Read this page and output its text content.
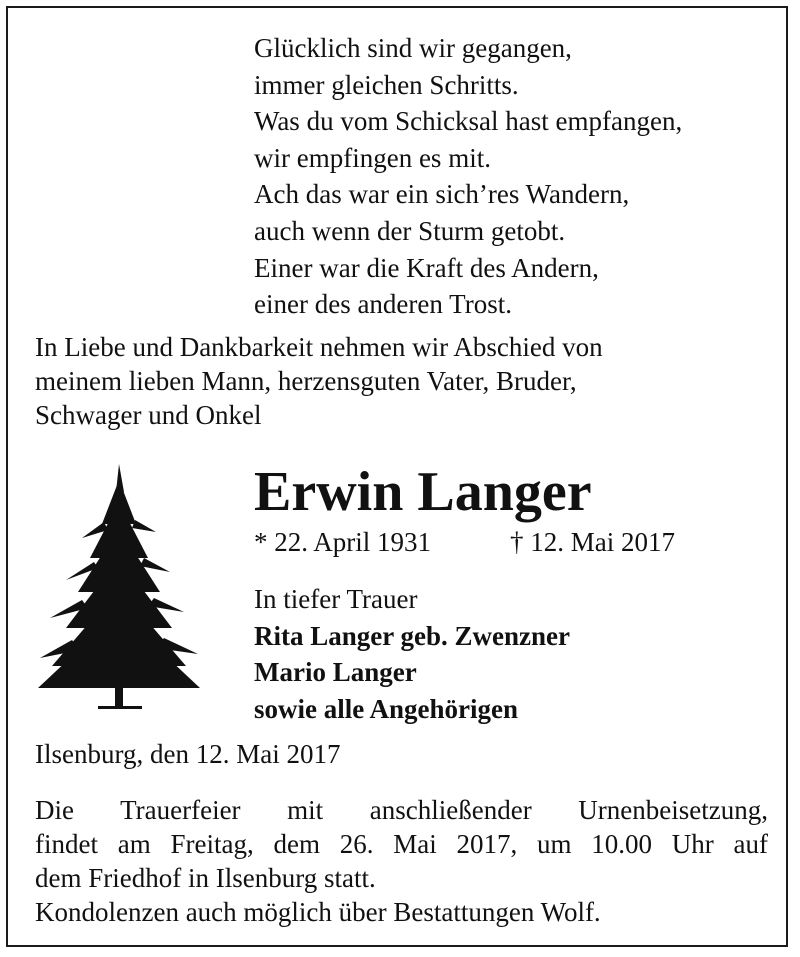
Glücklich sind wir gegangen,
immer gleichen Schritts.
Was du vom Schicksal hast empfangen,
wir empfingen es mit.
Ach das war ein sich’res Wandern,
auch wenn der Sturm getobt.
Einer war die Kraft des Andern,
einer des anderen Trost.
In Liebe und Dankbarkeit nehmen wir Abschied von
meinem lieben Mann, herzensguten Vater, Bruder,
Schwager und Onkel
Erwin Langer
* 22. April 1931	† 12. Mai 2017
In tiefer Trauer
Rita Langer geb. Zwenzner
Mario Langer
sowie alle Angehörigen
Ilsenburg, den 12. Mai 2017
Die Trauerfeier mit anschließender Urnenbeisetzung,
findet am Freitag, dem 26. Mai 2017, um 10.00 Uhr auf
dem Friedhof in Ilsenburg statt.
Kondolenzen auch möglich über Bestattungen Wolf.
